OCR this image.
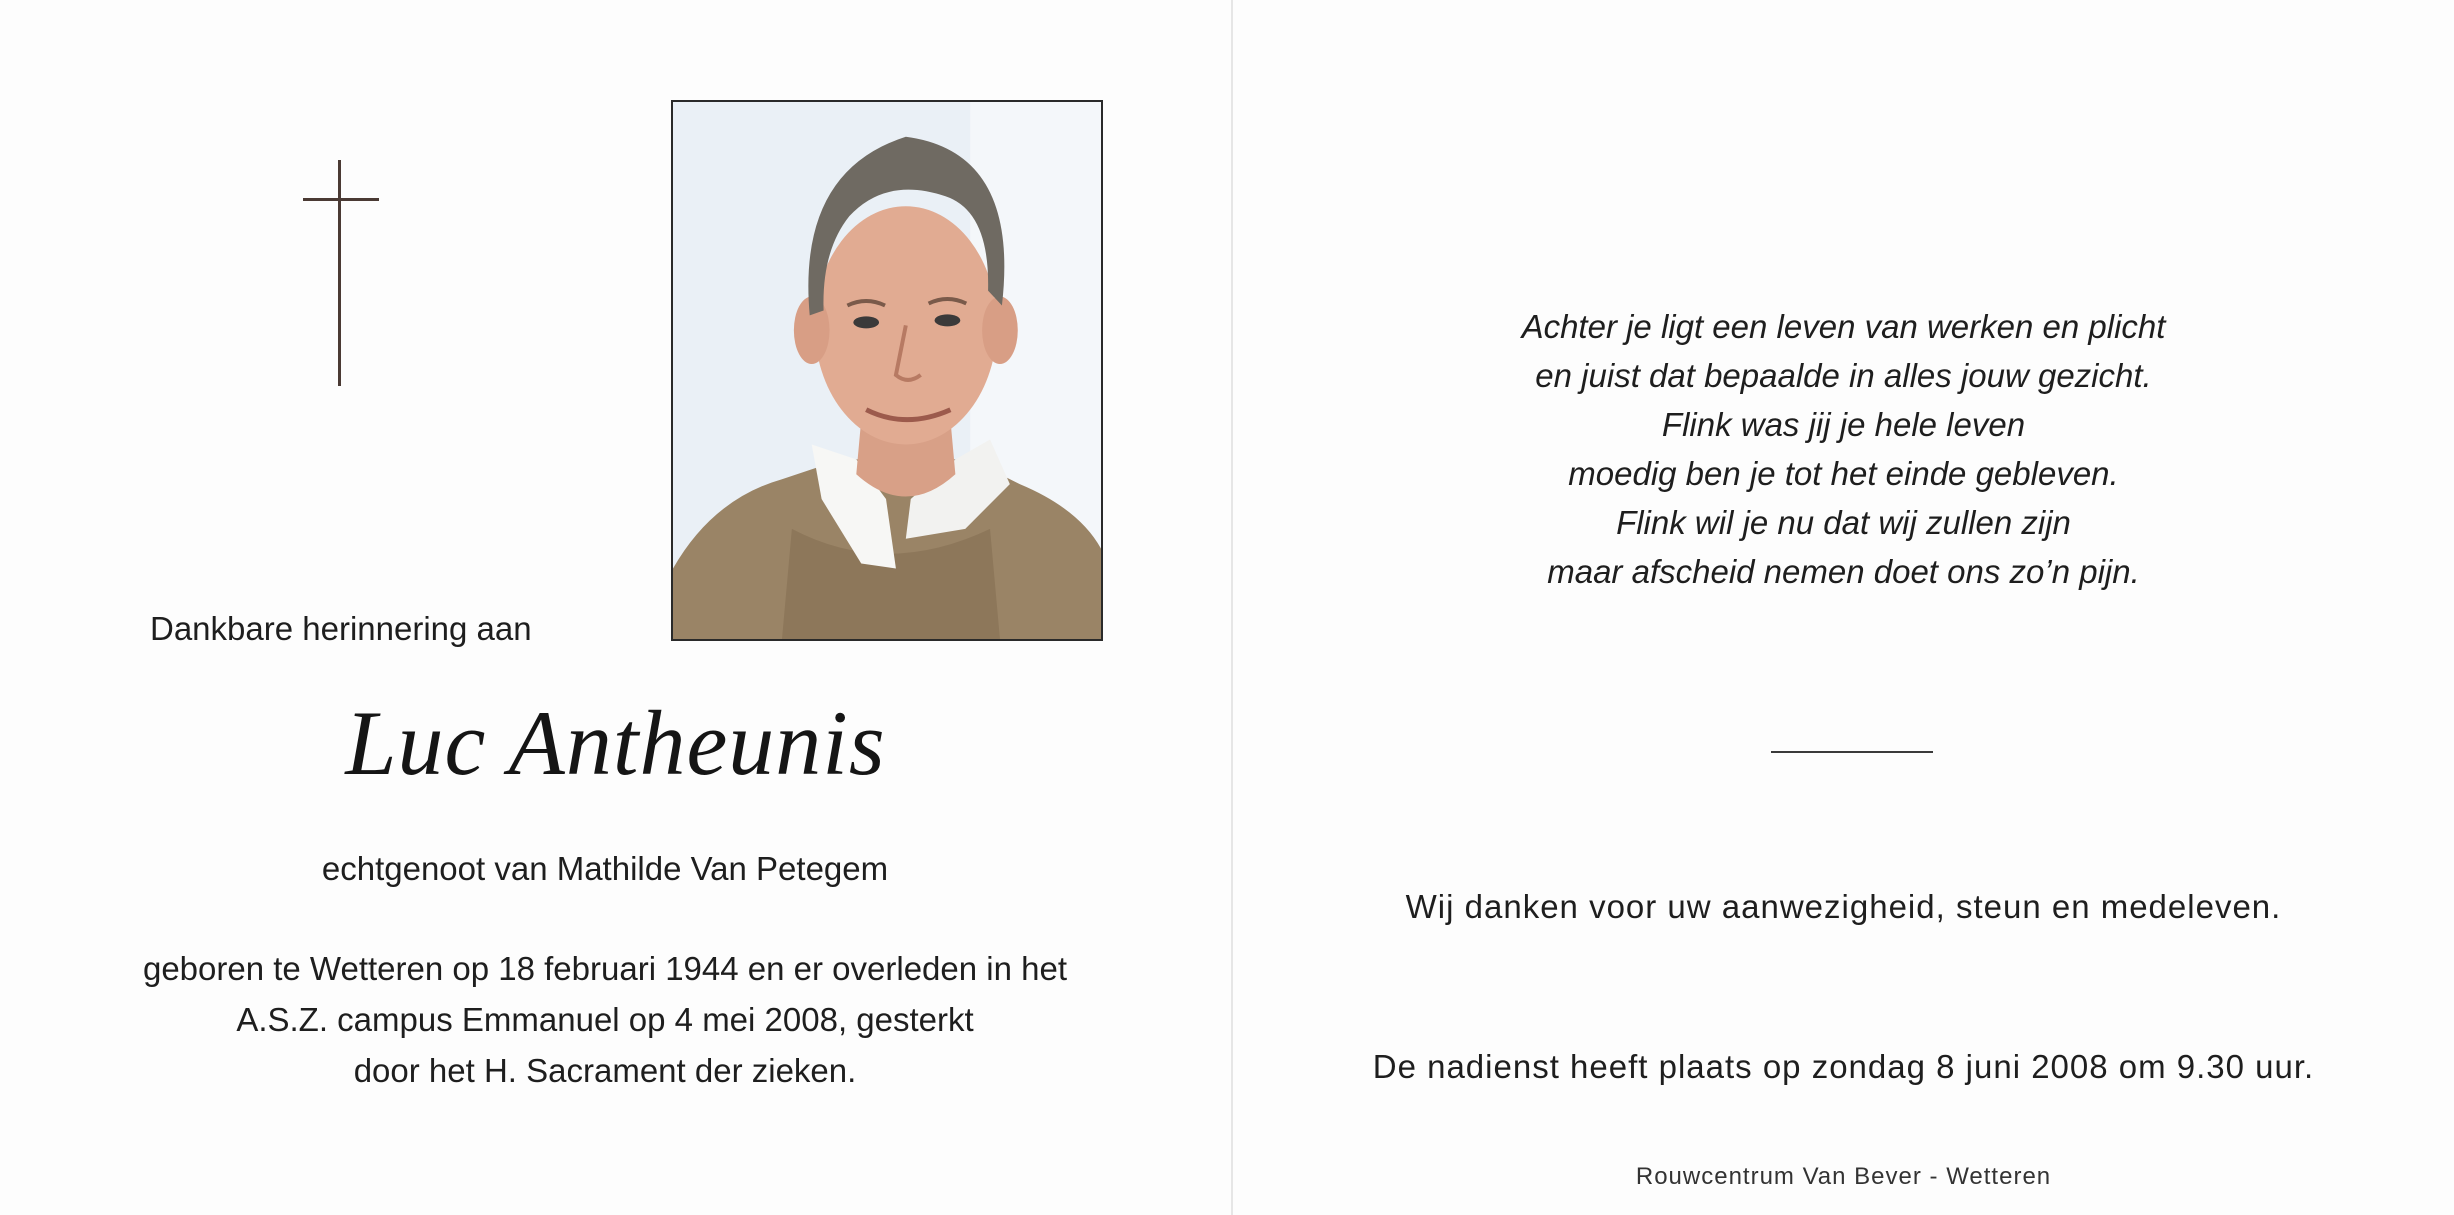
Dankbare herinnering aan

Luc Antheunis

echtgenoot van Mathilde Van Petegem

geboren te Wetteren op 18 februari 1944 en er overleden in het
A.S.Z. campus Emmanuel op 4 mei 2008, gesterkt
door het H. Sacrament der zieken.
Achter je ligt een leven van werken en plicht
en juist dat bepaalde in alles jouw gezicht.
Flink was jij je hele leven
moedig ben je tot het einde gebleven.
Flink wil je nu dat wij zullen zijn
maar afscheid nemen doet ons zo’n pijn.

Wij danken voor uw aanwezigheid, steun en medeleven.

De nadienst heeft plaats op zondag 8 juni 2008 om 9.30 uur.

Rouwcentrum Van Bever - Wetteren
